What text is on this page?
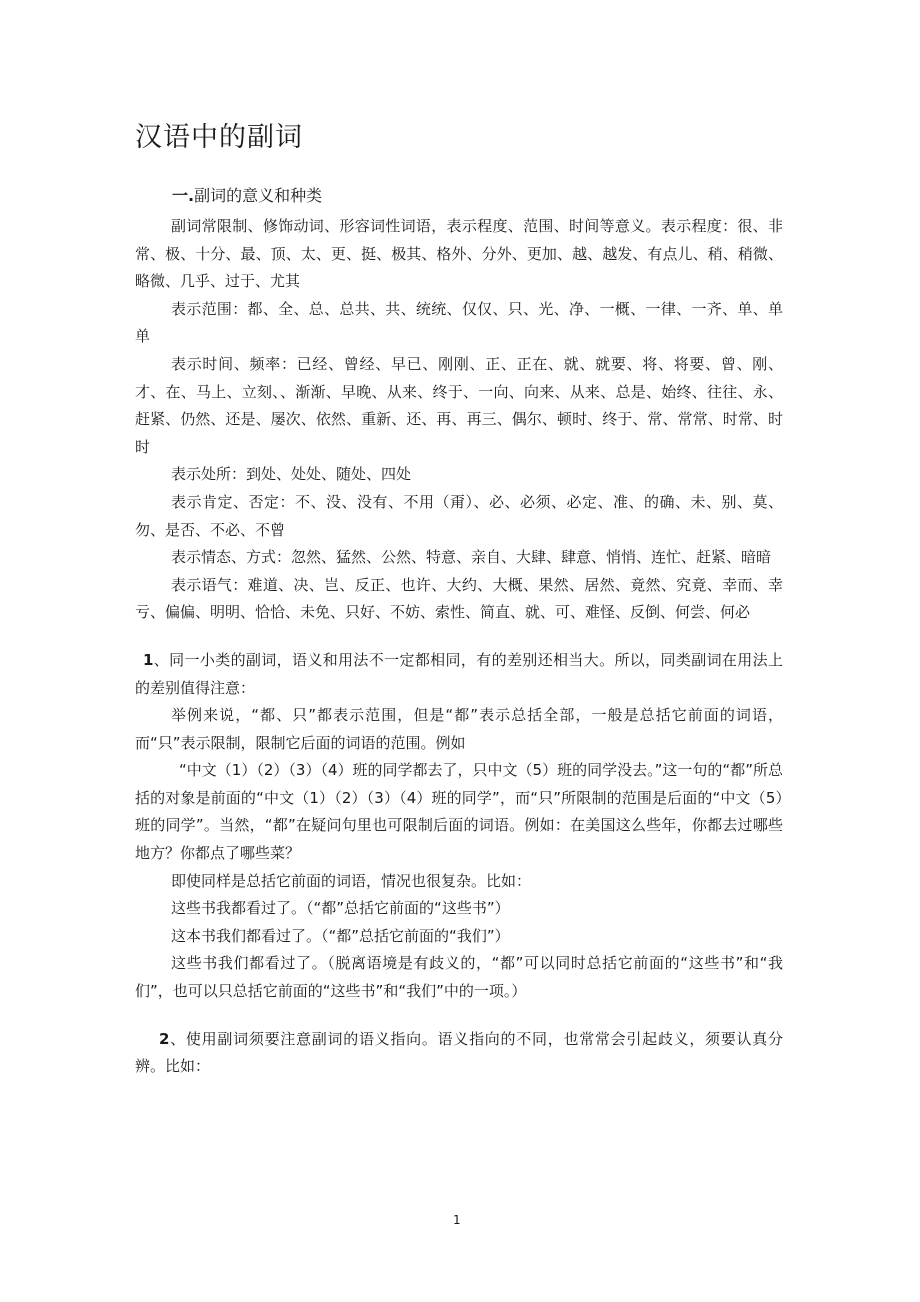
汉语中的副词
一.副词的意义和种类

副词常限制、修饰动词、形容词性词语，表示程度、范围、时间等意义。表示程度：很、非常、极、十分、最、顶、太、更、挺、极其、格外、分外、更加、越、越发、有点儿、稍、稍微、略微、几乎、过于、尤其

表示范围：都、全、总、总共、共、统统、仅仅、只、光、净、一概、一律、一齐、单、单单

表示时间、频率：已经、曾经、早已、刚刚、正、正在、就、就要、将、将要、曾、刚、才、在、马上、立刻、、渐渐、早晚、从来、终于、一向、向来、从来、总是、始终、往往、永、赶紧、仍然、还是、屡次、依然、重新、还、再、再三、偶尔、顿时、终于、常、常常、时常、时时

表示处所：到处、处处、随处、四处

表示肯定、否定：不、没、没有、不用（甭）、必、必须、必定、准、的确、未、别、莫、勿、是否、不必、不曾

表示情态、方式：忽然、猛然、公然、特意、亲自、大肆、肆意、悄悄、连忙、赶紧、暗暗

表示语气：难道、决、岂、反正、也许、大约、大概、果然、居然、竟然、究竟、幸而、幸亏、偏偏、明明、恰恰、未免、只好、不妨、索性、简直、就、可、难怪、反倒、何尝、何必

1、同一小类的副词，语义和用法不一定都相同，有的差别还相当大。所以，同类副词在用法上的差别值得注意：

举例来说，“都、只”都表示范围，但是“都”表示总括全部，一般是总括它前面的词语，而“只”表示限制，限制它后面的词语的范围。例如

“中文（1）（2）（3）（4）班的同学都去了，只中文（5）班的同学没去。”这一句的“都”所总括的对象是前面的“中文（1）（2）（3）（4）班的同学”，而“只”所限制的范围是后面的“中文（5）班的同学”。当然，“都”在疑问句里也可限制后面的词语。例如：在美国这么些年，你都去过哪些地方？你都点了哪些菜？

即使同样是总括它前面的词语，情况也很复杂。比如：

这些书我都看过了。（“都”总括它前面的“这些书”）

这本书我们都看过了。（“都”总括它前面的“我们”）

这些书我们都看过了。（脱离语境是有歧义的，“都”可以同时总括它前面的“这些书”和“我们”，也可以只总括它前面的“这些书”和“我们”中的一项。）

2、使用副词须要注意副词的语义指向。语义指向的不同，也常常会引起歧义，须要认真分辨。比如：

1
